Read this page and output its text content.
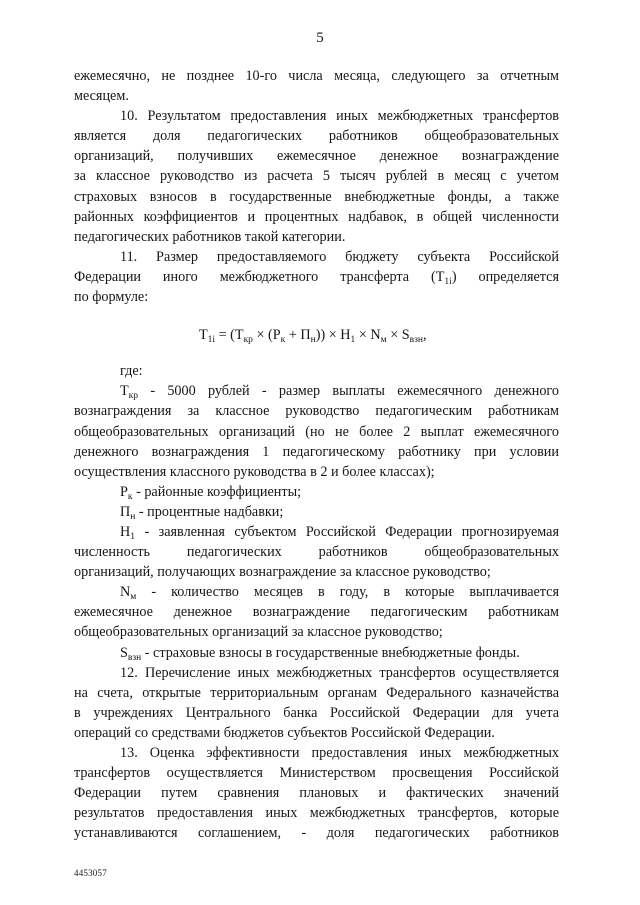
5

ежемесячно, не позднее 10-го числа месяца, следующего за отчетным

месяцем.

10. Результатом предоставления иных межбюджетных трансфертов

является доля педагогических работников общеобразовательных

организаций, получивших ежемесячное денежное вознаграждение

за классное руководство из расчета 5 тысяч рублей в месяц с учетом

страховых взносов в государственные внебюджетные фонды, а также

районных коэффициентов и процентных надбавок, в общей численности

педагогических работников такой категории.

11. Размер предоставляемого бюджету субъекта Российской

Федерации иного межбюджетного трансферта $(Т_{1i})$ определяется

по формуле:

$Т_{1i} = (Т_{кр} \times (Р_к + П_н)) \times Н_1 \times N_м \times S_{взн}$,

где:

$Т_{кр} - 5000$ рублей - размер выплаты ежемесячного денежного

вознаграждения за классное руководство педагогическим работникам

общеобразовательных организаций (но не более 2 выплат ежемесячного

денежного вознаграждения 1 педагогическому работнику при условии

осуществления классного руководства в 2 и более классах);

$Р_к$ - районные коэффициенты;

$П_н$ - процентные надбавки;

$Н_1$ - заявленная субъектом Российской Федерации прогнозируемая

численность педагогических работников общеобразовательных

организаций, получающих вознаграждение за классное руководство;

$N_м$ - количество месяцев в году, в которые выплачивается

ежемесячное денежное вознаграждение педагогическим работникам

общеобразовательных организаций за классное руководство;

$S_{взн}$ - страховые взносы в государственные внебюджетные фонды.

12. Перечисление иных межбюджетных трансфертов осуществляется

на счета, открытые территориальным органам Федерального казначейства

в учреждениях Центрального банка Российской Федерации для учета

операций со средствами бюджетов субъектов Российской Федерации.

13. Оценка эффективности предоставления иных межбюджетных

трансфертов осуществляется Министерством просвещения Российской

Федерации путем сравнения плановых и фактических значений

результатов предоставления иных межбюджетных трансфертов, которые

устанавливаются соглашением, - доля педагогических работников

4453057
